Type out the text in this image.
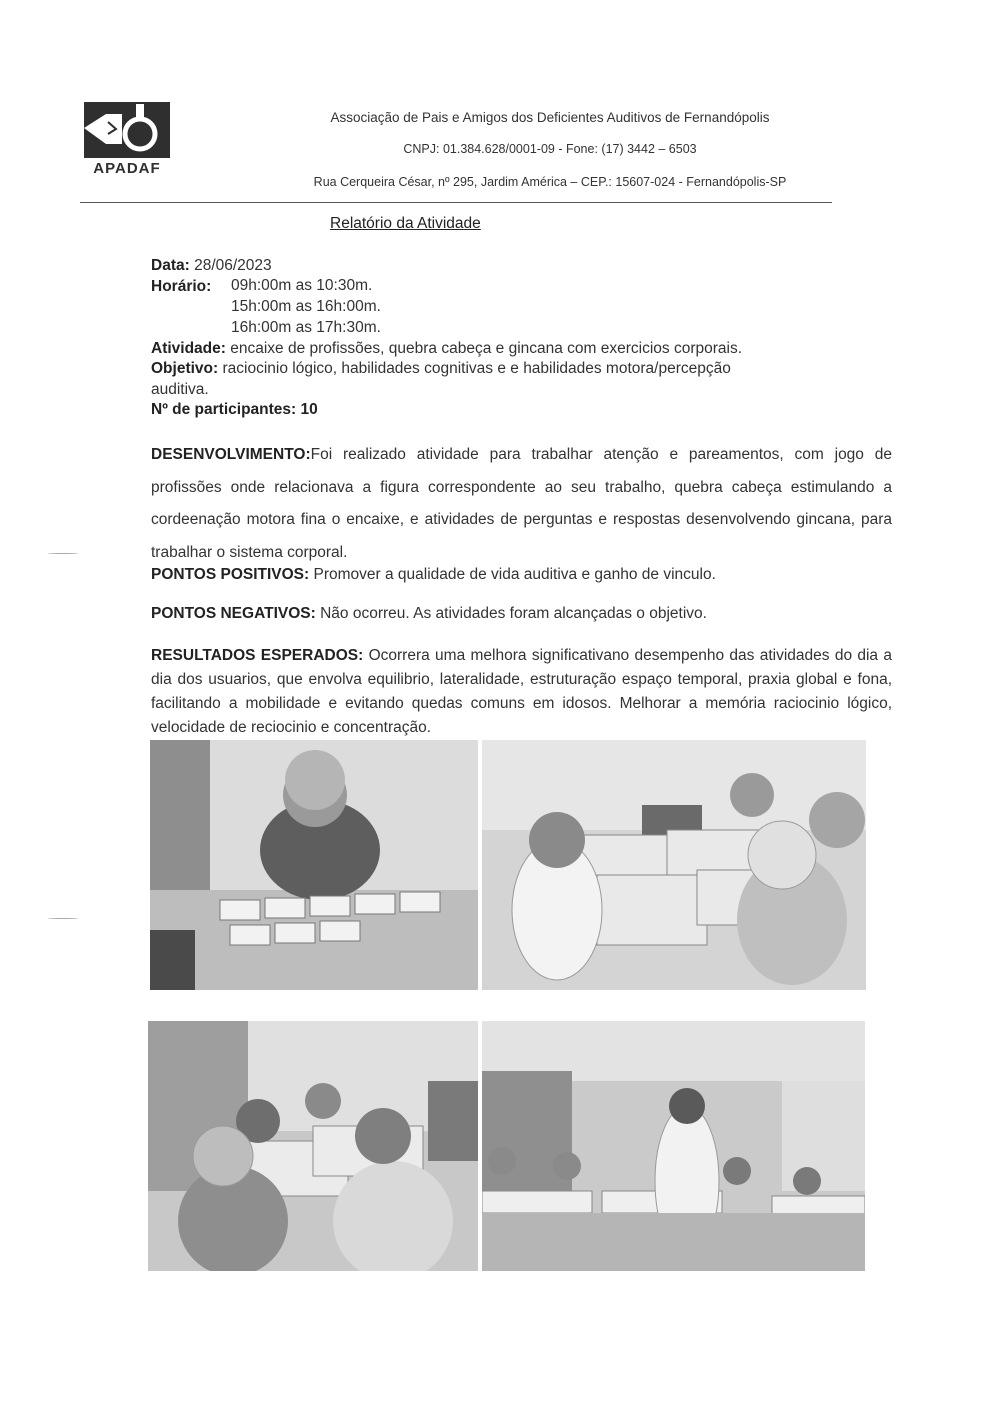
APADAF
Associação de Pais e Amigos dos Deficientes Auditivos de Fernandópolis
CNPJ: 01.384.628/0001-09 - Fone: (17) 3442 – 6503
Rua Cerqueira César, nº 295, Jardim América – CEP.: 15607-024 - Fernandópolis-SP
Relatório da Atividade
Data: 28/06/2023
Horário: 09h:00m as 10:30m.
15h:00m as 16h:00m.
16h:00m as 17h:30m.
Atividade: encaixe de profissões, quebra cabeça e gincana com exercicios corporais.
Objetivo: raciocinio lógico, habilidades cognitivas e e habilidades motora/percepção
auditiva.
Nº de participantes: 10
DESENVOLVIMENTO:Foi realizado atividade para trabalhar atenção e pareamentos, com jogo de profissões onde relacionava a figura correspondente ao seu trabalho, quebra cabeça estimulando a cordeenação motora fina o encaixe, e atividades de perguntas e respostas desenvolvendo gincana, para trabalhar o sistema corporal.
PONTOS POSITIVOS: Promover a qualidade de vida auditiva e ganho de vinculo.
PONTOS NEGATIVOS: Não ocorreu. As atividades foram alcançadas o objetivo.
RESULTADOS ESPERADOS: Ocorrera uma melhora significativano desempenho das atividades do dia a dia dos usuarios, que envolva equilibrio, lateralidade, estruturação espaço temporal, praxia global e fona, facilitando a mobilidade e evitando quedas comuns em idosos. Melhorar a memória raciocinio lógico, velocidade de reciocinio e concentração.
